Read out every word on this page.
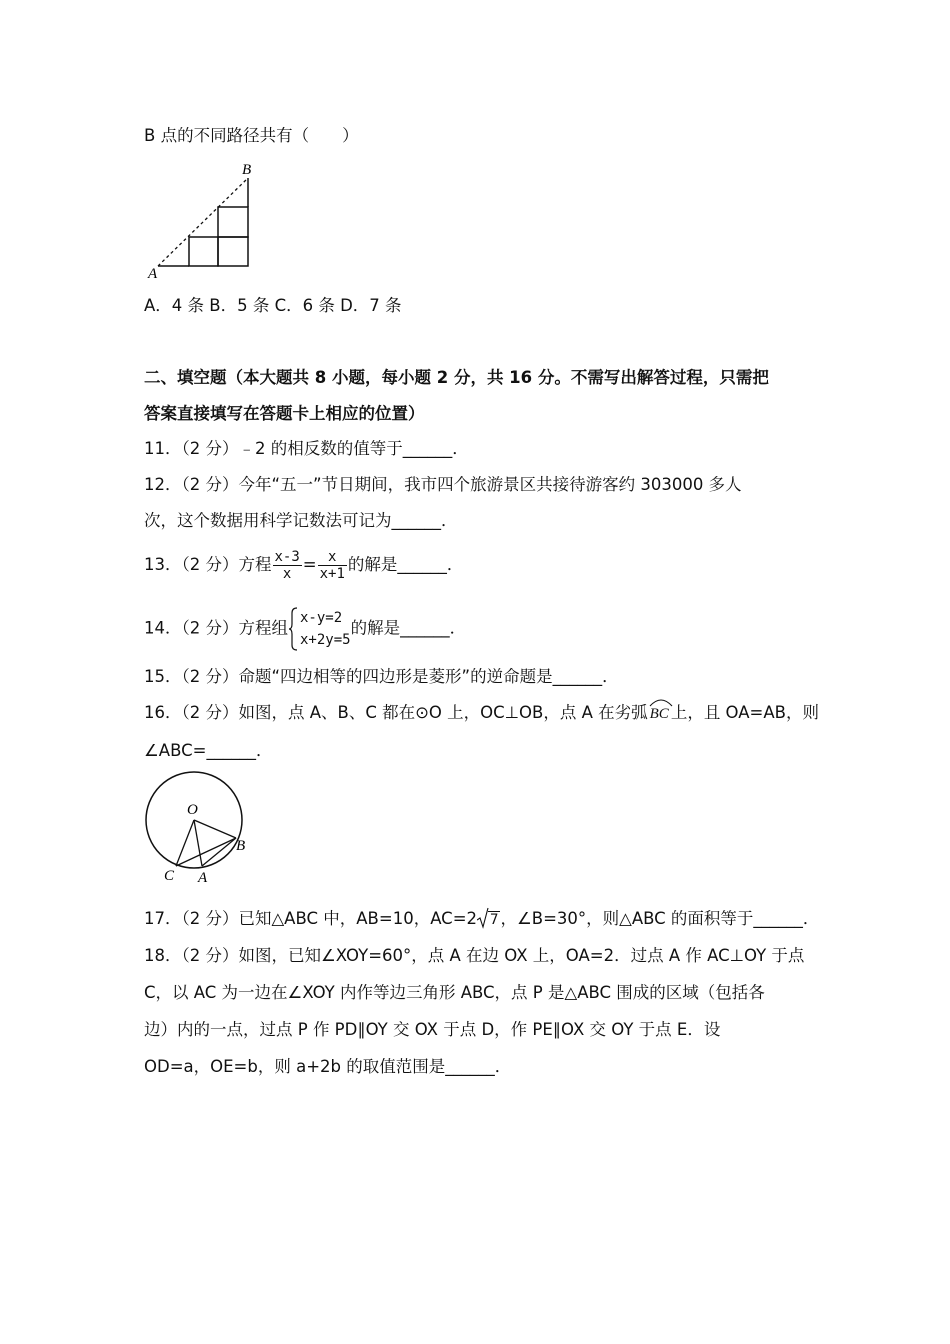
B 点的不同路径共有（　　）
B
A
A．4 条 B．5 条 C．6 条 D．7 条
二、填空题（本大题共 8 小题，每小题 2 分，共 16 分。不需写出解答过程，只需把
答案直接填写在答题卡上相应的位置）
11．（2 分）﹣2 的相反数的值等于______．
12．（2 分）今年“五一”节日期间，我市四个旅游景区共接待游客约 303000 多人
次，这个数据用科学记数法可记为______．
13．（2 分）方程 $\frac{x-3}{x} = \frac{x}{x+1}$ 的解是______．
14．（2 分）方程组
x-y=2
x+2y=5
的解是______．
15．（2 分）命题“四边相等的四边形是菱形”的逆命题是______．
16．（2 分）如图，点 A、B、C 都在⊙O 上，OC⊥OB，点 A 在劣弧 BC 上，且 OA=AB，则
∠ABC=______．
O
B
C A
17．（2 分）已知△ABC 中，AB=10，AC=2 7 ，∠B=30°，则△ABC 的面积等于______．
18．（2 分）如图，已知∠XOY=60°，点 A 在边 OX 上，OA=2．过点 A 作 AC⊥OY 于点
C，以 AC 为一边在∠XOY 内作等边三角形 ABC，点 P 是△ABC 围成的区域（包括各
边）内的一点，过点 P 作 PD∥OY 交 OX 于点 D，作 PE∥OX 交 OY 于点 E．设
OD=a，OE=b，则 a+2b 的取值范围是______．
